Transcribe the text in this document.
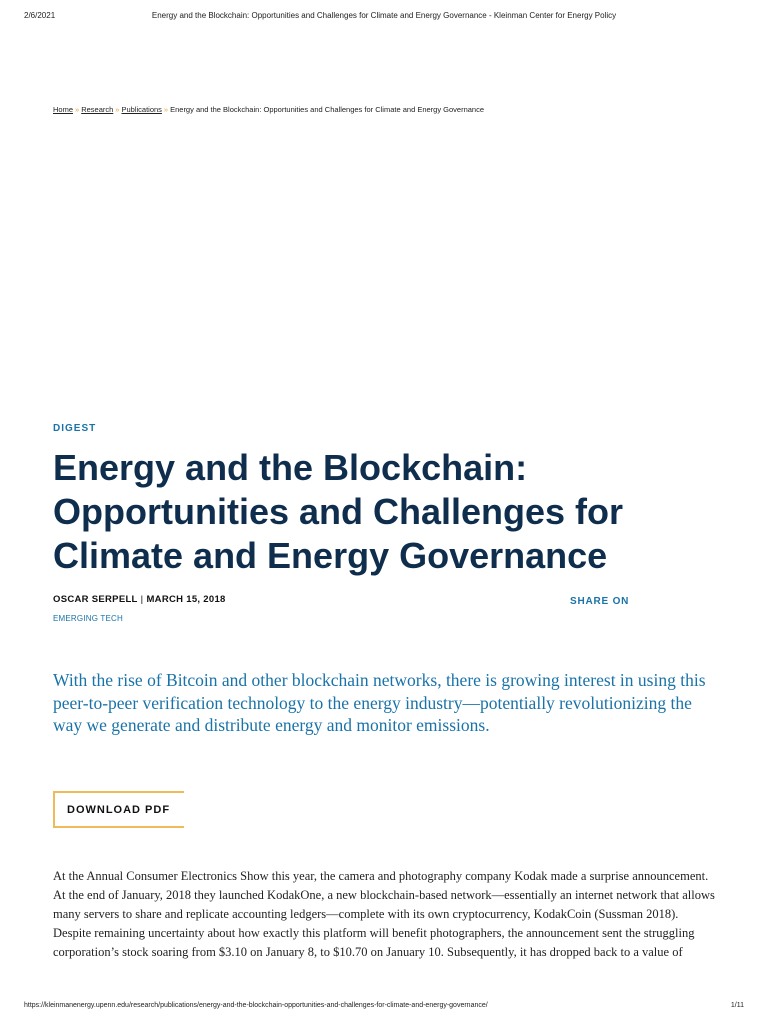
2/6/2021	Energy and the Blockchain: Opportunities and Challenges for Climate and Energy Governance - Kleinman Center for Energy Policy
Home » Research » Publications » Energy and the Blockchain: Opportunities and Challenges for Climate and Energy Governance
DIGEST
Energy and the Blockchain: Opportunities and Challenges for Climate and Energy Governance
OSCAR SERPELL | MARCH 15, 2018
EMERGING TECH
SHARE ON

With the rise of Bitcoin and other blockchain networks, there is growing interest in using this peer-to-peer verification technology to the energy industry—potentially revolutionizing the way we generate and distribute energy and monitor emissions.

DOWNLOAD PDF

At the Annual Consumer Electronics Show this year, the camera and photography company Kodak made a surprise announcement. At the end of January, 2018 they launched KodakOne, a new blockchain-based network—essentially an internet network that allows many servers to share and replicate accounting ledgers—complete with its own cryptocurrency, KodakCoin (Sussman 2018). Despite remaining uncertainty about how exactly this platform will benefit photographers, the announcement sent the struggling corporation’s stock soaring from $3.10 on January 8, to $10.70 on January 10. Subsequently, it has dropped back to a value of

https://kleinmanenergy.upenn.edu/research/publications/energy-and-the-blockchain-opportunities-and-challenges-for-climate-and-energy-governance/	1/11
